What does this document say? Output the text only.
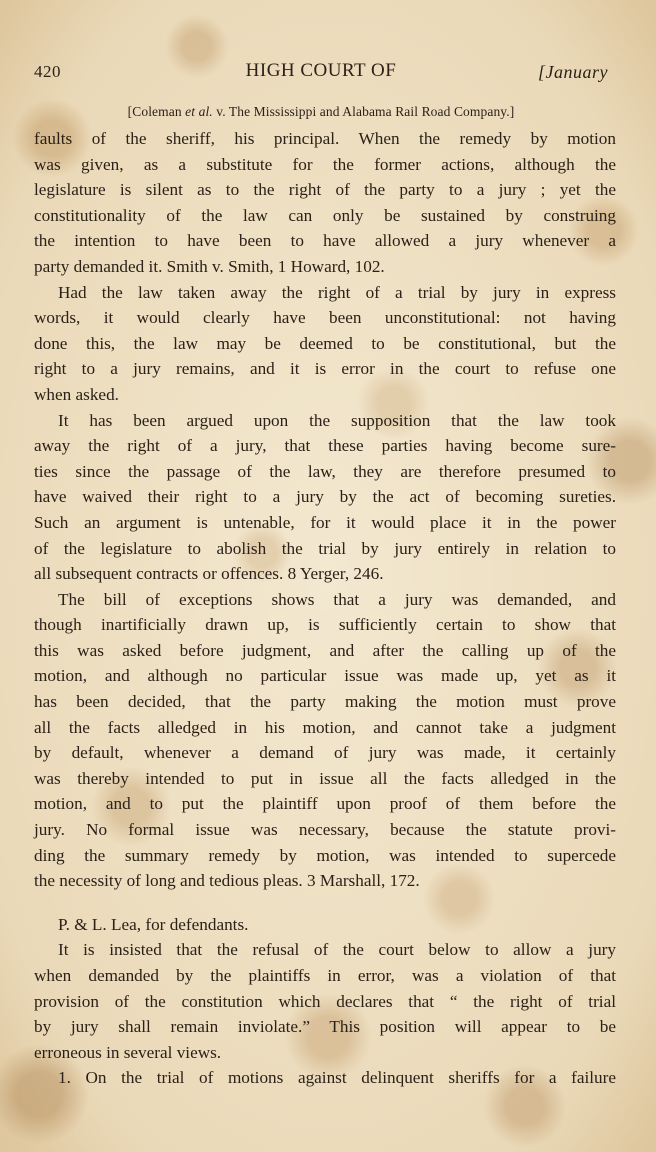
420	HIGH COURT OF	[January
[Coleman et al. v. The Mississippi and Alabama Rail Road Company.]

faults of the sheriff, his principal. When the remedy by motion
was given, as a substitute for the former actions, although the
legislature is silent as to the right of the party to a jury ; yet the
constitutionality of the law can only be sustained by construing
the intention to have been to have allowed a jury whenever a
party demanded it. Smith v. Smith, 1 Howard, 102.

Had the law taken away the right of a trial by jury in express
words, it would clearly have been unconstitutional: not having
done this, the law may be deemed to be constitutional, but the
right to a jury remains, and it is error in the court to refuse one
when asked.

It has been argued upon the supposition that the law took
away the right of a jury, that these parties having become sure-
ties since the passage of the law, they are therefore presumed to
have waived their right to a jury by the act of becoming sureties.
Such an argument is untenable, for it would place it in the power
of the legislature to abolish the trial by jury entirely in relation to
all subsequent contracts or offences. 8 Yerger, 246.

The bill of exceptions shows that a jury was demanded, and
though inartificially drawn up, is sufficiently certain to show that
this was asked before judgment, and after the calling up of the
motion, and although no particular issue was made up, yet as it
has been decided, that the party making the motion must prove
all the facts alledged in his motion, and cannot take a judgment
by default, whenever a demand of jury was made, it certainly
was thereby intended to put in issue all the facts alledged in the
motion, and to put the plaintiff upon proof of them before the
jury. No formal issue was necessary, because the statute provi-
ding the summary remedy by motion, was intended to supercede
the necessity of long and tedious pleas. 3 Marshall, 172.

P. & L. Lea, for defendants.

It is insisted that the refusal of the court below to allow a jury
when demanded by the plaintiffs in error, was a violation of that
provision of the constitution which declares that “ the right of trial
by jury shall remain inviolate.” This position will appear to be
erroneous in several views.

1. On the trial of motions against delinquent sheriffs for a failure
